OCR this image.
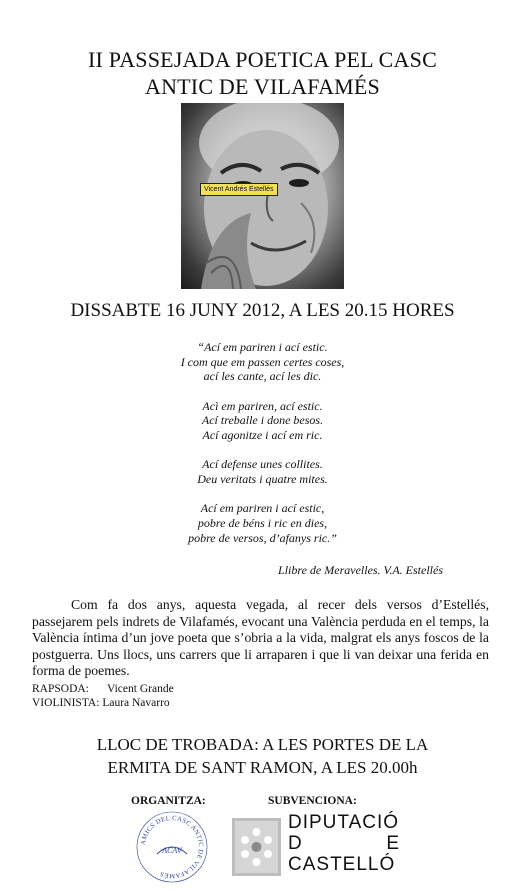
II PASSEJADA POETICA PEL CASC
ANTIC DE VILAFAMÉS
Vicent Andrés Estellés
DISSABTE 16 JUNY 2012, A LES 20.15 HORES
“Ací em pariren i ací estic.
I com que em passen certes coses,
ací les cante, ací les dic.
Acì em pariren, ací estic.
Ací treballe i done besos.
Ací agonitze i ací em ric.
Ací defense unes collites.
Deu veritats i quatre mites.
Ací em pariren i ací estic,
pobre de béns i ric en dies,
pobre de versos, d’afanys ric.”
Llibre de Meravelles. V.A. Estellés
Com fa dos anys, aquesta vegada, al recer dels versos d’Estellés, passejarem pels indrets de Vilafamés, evocant una València perduda en el temps, la València íntima d’un jove poeta que s’obria a la vida, malgrat els anys foscos de la postguerra. Uns llocs, uns carrers que li arraparen i que li van deixar una ferida en forma de poemes.
RAPSODA: Vicent Grande
VIOLINISTA: Laura Navarro
LLOC DE TROBADA: A LES PORTES DE LA
ERMITA DE SANT RAMON, A LES 20.00h
ORGANITZA:	SUBVENCIONA:
AMICS DEL CASC ANTIC DE VILAFAMÉS
ACAV
DIPUTACIÓ
D	E
CASTELLÓ
